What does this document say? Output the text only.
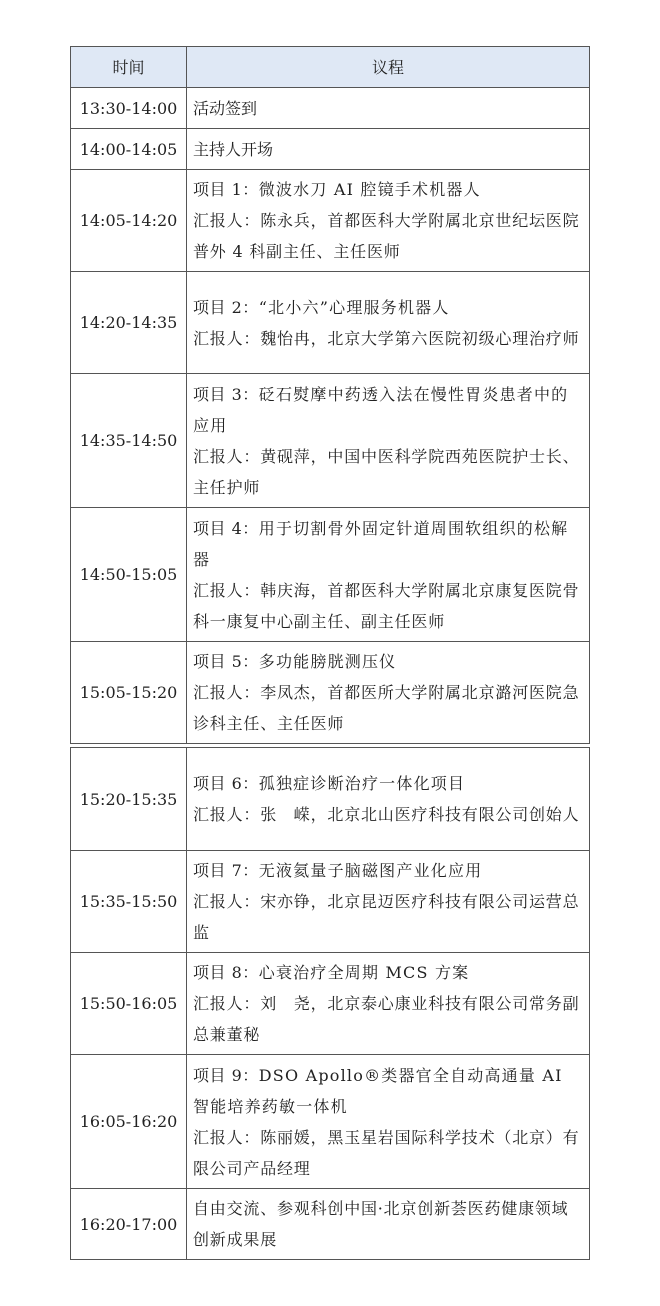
时间	议程
13:30-14:00	活动签到
14:00-14:05	主持人开场
14:05-14:20	项目 1：微波水刀 AI 腔镜手术机器人
汇报人：陈永兵，首都医科大学附属北京世纪坛医院普外 4 科副主任、主任医师

14:20-14:35	项目 2：“北小六”心理服务机器人
汇报人：魏怡冉，北京大学第六医院初级心理治疗师

14:35-14:50	项目 3：砭石熨摩中药透入法在慢性胃炎患者中的应用
汇报人：黄砚萍，中国中医科学院西苑医院护士长、主任护师

14:50-15:05	项目 4：用于切割骨外固定针道周围软组织的松解器
汇报人：韩庆海，首都医科大学附属北京康复医院骨科一康复中心副主任、副主任医师

15:05-15:20	项目 5：多功能膀胱测压仪
汇报人：李凤杰，首都医所大学附属北京潞河医院急诊科主任、主任医师
15:20-15:35	项目 6：孤独症诊断治疗一体化项目
汇报人：张　嵘，北京北山医疗科技有限公司创始人

15:35-15:50	项目 7：无液氦量子脑磁图产业化应用
汇报人：宋亦铮，北京昆迈医疗科技有限公司运营总监

15:50-16:05	项目 8：心衰治疗全周期 MCS 方案
汇报人：刘　尧，北京泰心康业科技有限公司常务副总兼董秘

16:05-16:20	项目 9：DSO Apollo®类器官全自动高通量 AI 智能培养药敏一体机
汇报人：陈丽媛，黑玉星岩国际科学技术（北京）有限公司产品经理

16:20-17:00	自由交流、参观科创中国·北京创新荟医药健康领域创新成果展
